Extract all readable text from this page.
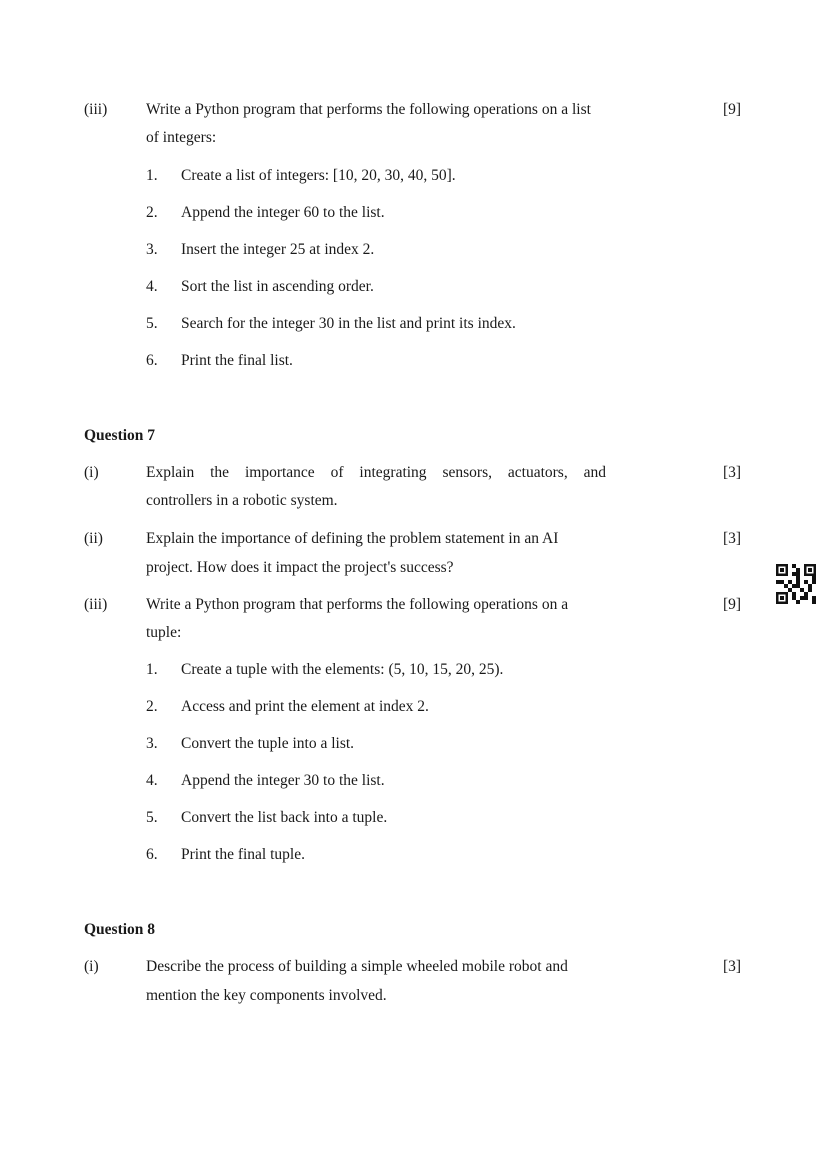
(iii)	Write a Python program that performs the following operations on a list
of integers:
[9]
1. Create a list of integers: [10, 20, 30, 40, 50].
2. Append the integer 60 to the list.
3. Insert the integer 25 at index 2.
4. Sort the list in ascending order.
5. Search for the integer 30 in the list and print its index.
6. Print the final list.
Question 7
(i)	Explain the importance of integrating sensors, actuators, and
controllers in a robotic system.
[3]
(ii)	Explain the importance of defining the problem statement in an AI
project. How does it impact the project's success?
[3]
(iii)	Write a Python program that performs the following operations on a
tuple:
[9]
1. Create a tuple with the elements: (5, 10, 15, 20, 25).
2. Access and print the element at index 2.
3. Convert the tuple into a list.
4. Append the integer 30 to the list.
5. Convert the list back into a tuple.
6. Print the final tuple.
Question 8
(i)	Describe the process of building a simple wheeled mobile robot and
mention the key components involved.
[3]
